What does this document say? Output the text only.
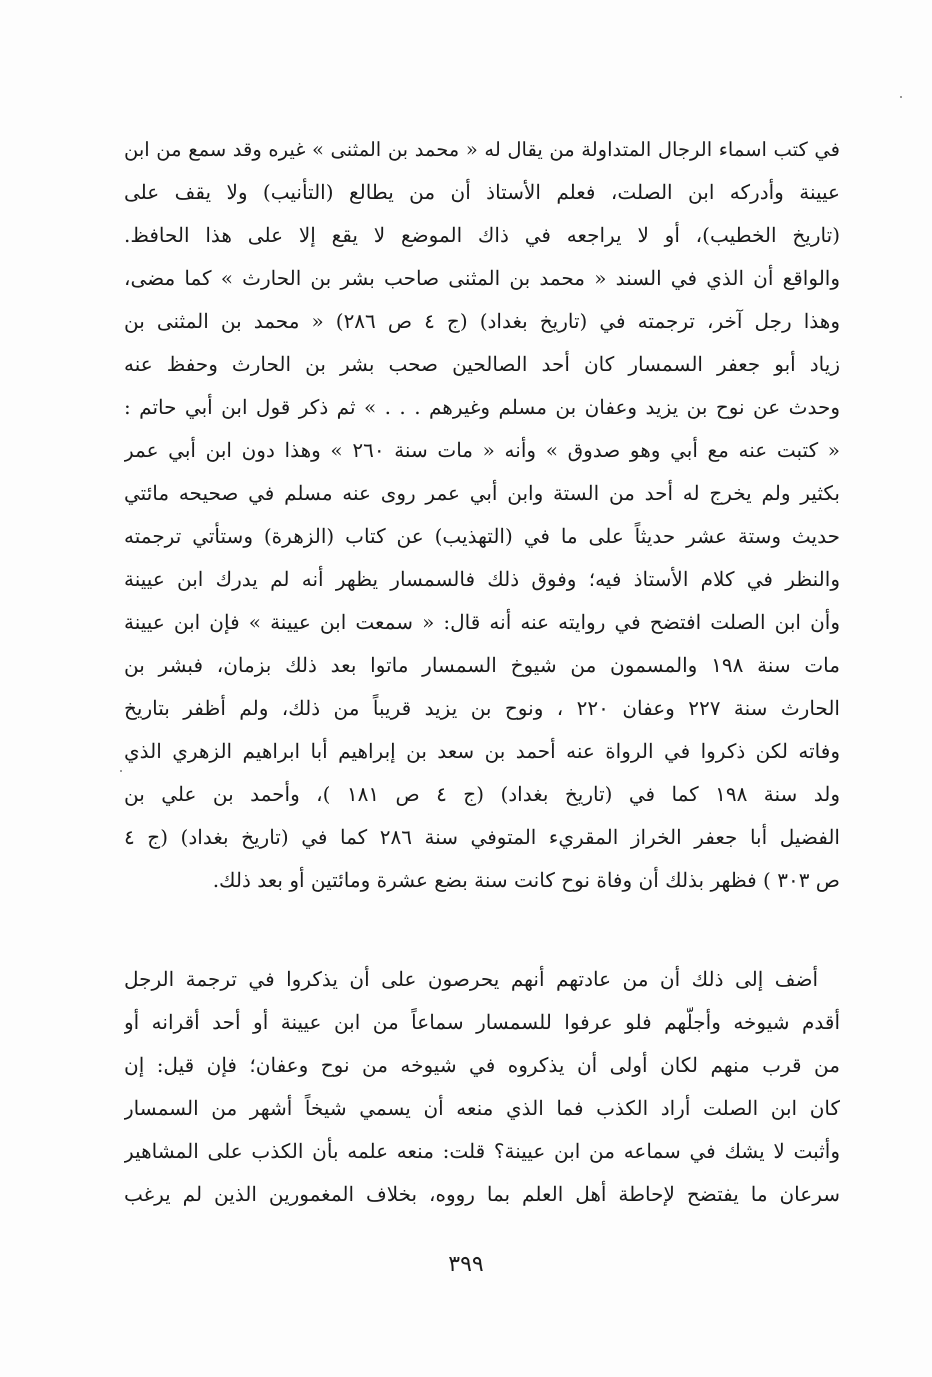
في كتب اسماء الرجال المتداولة من يقال له « محمد بن المثنى » غيره وقد سمع من ابن
عيينة وأدركه ابن الصلت، فعلم الأستاذ أن من يطالع (التأنيب) ولا يقف على
(تاريخ الخطيب)، أو لا يراجعه في ذاك الموضع لا يقع إلا على هذا الحافظ.
والواقع أن الذي في السند « محمد بن المثنى صاحب بشر بن الحارث » كما مضى،
وهذا رجل آخر، ترجمته في (تاريخ بغداد) (ج ٤ ص ٢٨٦) « محمد بن المثنى بن
زياد أبو جعفر السمسار كان أحد الصالحين صحب بشر بن الحارث وحفظ عنه
وحدث عن نوح بن يزيد وعفان بن مسلم وغيرهم . . . » ثم ذكر قول ابن أبي حاتم :
« كتبت عنه مع أبي وهو صدوق » وأنه « مات سنة ٢٦٠ » وهذا دون ابن أبي عمر
بكثير ولم يخرج له أحد من الستة وابن أبي عمر روى عنه مسلم في صحيحه مائتي
حديث وستة عشر حديثاً على ما في (التهذيب) عن كتاب (الزهرة) وستأتي ترجمته
والنظر في كلام الأستاذ فيه؛ وفوق ذلك فالسمسار يظهر أنه لم يدرك ابن عيينة
وأن ابن الصلت افتضح في روايته عنه أنه قال: « سمعت ابن عيينة » فإن ابن عيينة
مات سنة ١٩٨ والمسمون من شيوخ السمسار ماتوا بعد ذلك بزمان، فبشر بن
الحارث سنة ٢٢٧ وعفان ٢٢٠ ، ونوح بن يزيد قريباً من ذلك، ولم أظفر بتاريخ
وفاته لكن ذكروا في الرواة عنه أحمد بن سعد بن إبراهيم أبا ابراهيم الزهري الذي
ولد سنة ١٩٨ كما في (تاريخ بغداد) (ج ٤ ص ١٨١ )، وأحمد بن علي بن
الفضيل أبا جعفر الخراز المقريء المتوفي سنة ٢٨٦ كما في (تاريخ بغداد) (ج ٤
ص ٣٠٣ ) فظهر بذلك أن وفاة نوح كانت سنة بضع عشرة ومائتين أو بعد ذلك.
أضف إلى ذلك أن من عادتهم أنهم يحرصون على أن يذكروا في ترجمة الرجل
أقدم شيوخه وأجلّهم فلو عرفوا للسمسار سماعاً من ابن عيينة أو أحد أقرانه أو
من قرب منهم لكان أولى أن يذكروه في شيوخه من نوح وعفان؛ فإن قيل: إن
كان ابن الصلت أراد الكذب فما الذي منعه أن يسمي شيخاً أشهر من السمسار
وأثبت لا يشك في سماعه من ابن عيينة؟ قلت: منعه علمه بأن الكذب على المشاهير
سرعان ما يفتضح لإحاطة أهل العلم بما رووه، بخلاف المغمورين الذين لم يرغب
٣٩٩
